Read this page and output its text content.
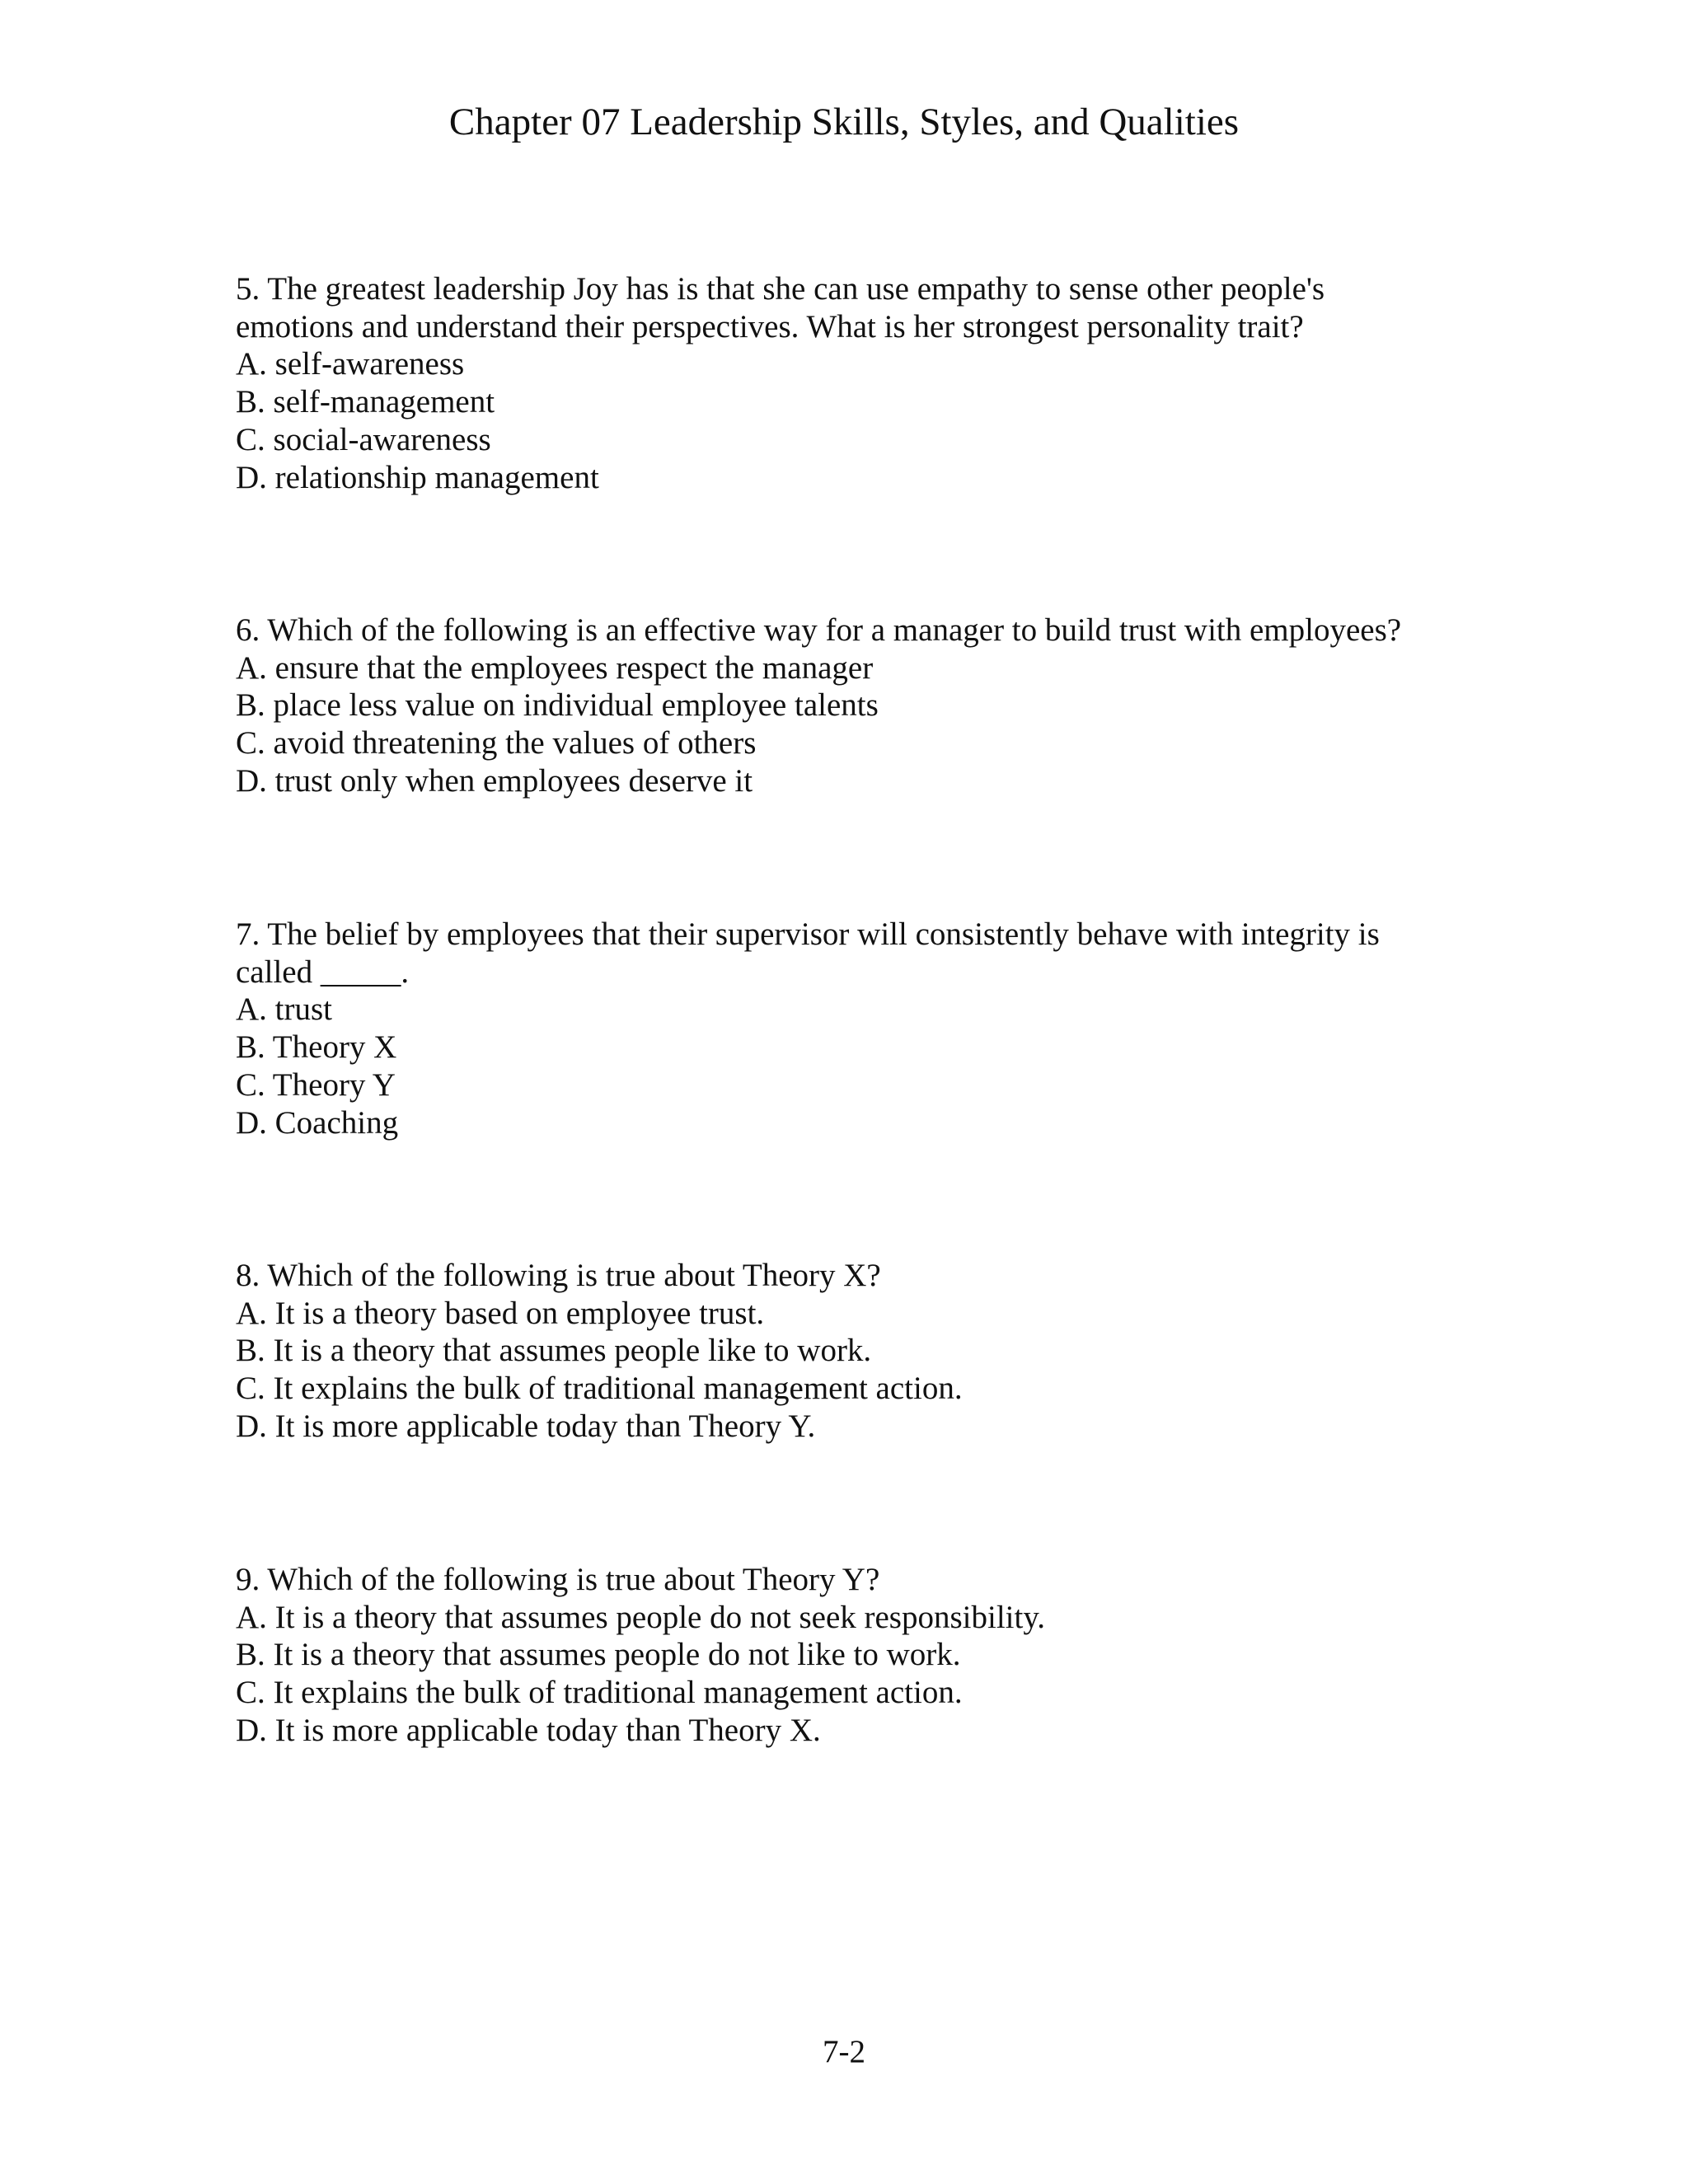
Chapter 07 Leadership Skills, Styles, and Qualities
5. The greatest leadership Joy has is that she can use empathy to sense other people's
emotions and understand their perspectives. What is her strongest personality trait?
A. self-awareness
B. self-management
C. social-awareness
D. relationship management
6. Which of the following is an effective way for a manager to build trust with employees?
A. ensure that the employees respect the manager
B. place less value on individual employee talents
C. avoid threatening the values of others
D. trust only when employees deserve it
7. The belief by employees that their supervisor will consistently behave with integrity is
called _____.
A. trust
B. Theory X
C. Theory Y
D. Coaching
8. Which of the following is true about Theory X?
A. It is a theory based on employee trust.
B. It is a theory that assumes people like to work.
C. It explains the bulk of traditional management action.
D. It is more applicable today than Theory Y.
9. Which of the following is true about Theory Y?
A. It is a theory that assumes people do not seek responsibility.
B. It is a theory that assumes people do not like to work.
C. It explains the bulk of traditional management action.
D. It is more applicable today than Theory X.
7-2
